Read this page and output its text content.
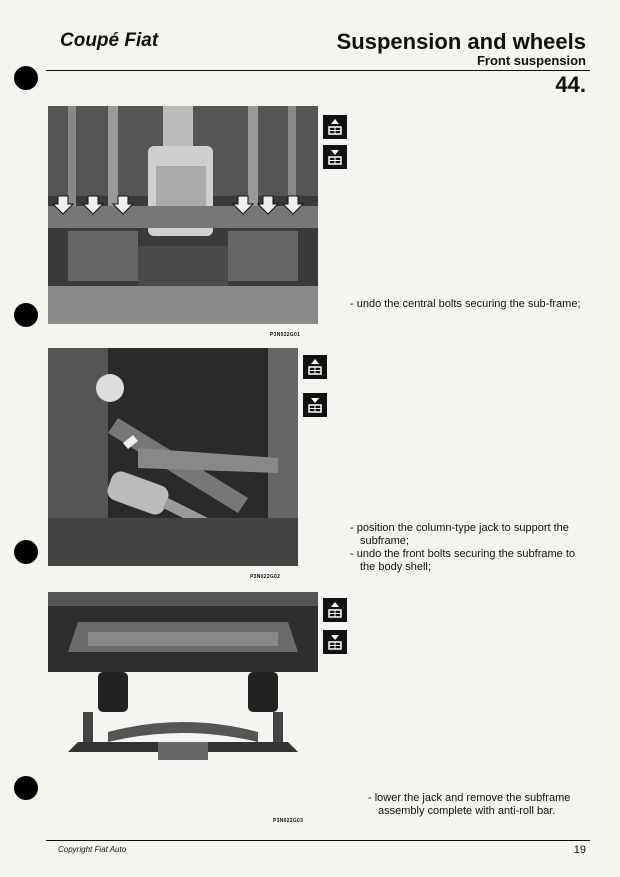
Coupé Fiat	Suspension and wheels
Front suspension
44.
P3N022G01

- undo the central bolts securing the sub-frame;

P3N022G02

- position the column-type jack to support the subframe;

- undo the front bolts securing the subframe to the body shell;

P3N022G03

- lower the jack and remove the subframe assembly complete with anti-roll bar.

Copyright Fiat Auto	19
